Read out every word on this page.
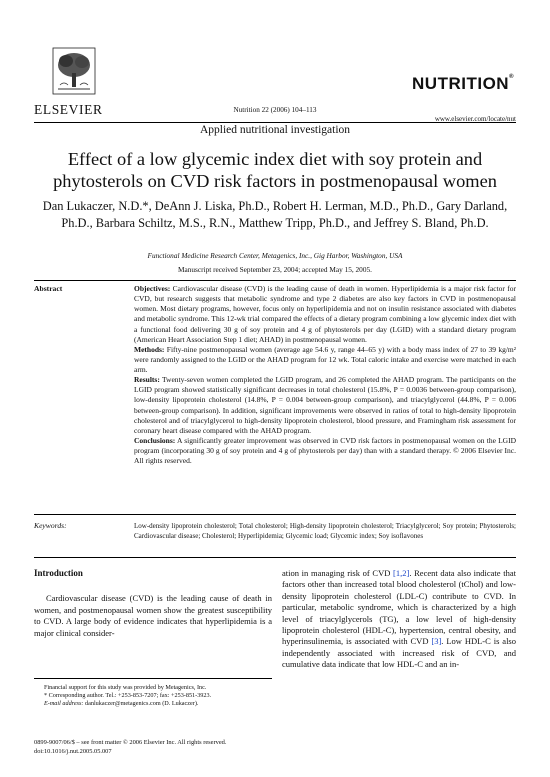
ELSEVIER
NUTRITION®
Nutrition 22 (2006) 104–113
www.elsevier.com/locate/nut
Applied nutritional investigation
Effect of a low glycemic index diet with soy protein and phytosterols on CVD risk factors in postmenopausal women
Dan Lukaczer, N.D.*, DeAnn J. Liska, Ph.D., Robert H. Lerman, M.D., Ph.D., Gary Darland, Ph.D., Barbara Schiltz, M.S., R.N., Matthew Tripp, Ph.D., and Jeffrey S. Bland, Ph.D.
Functional Medicine Research Center, Metagenics, Inc., Gig Harbor, Washington, USA
Manuscript received September 23, 2004; accepted May 15, 2005.
Abstract	Objectives: Cardiovascular disease (CVD) is the leading cause of death in women. Hyperlipidemia is a major risk factor for CVD, but research suggests that metabolic syndrome and type 2 diabetes are also key factors in CVD in postmenopausal women. Most dietary programs, however, focus only on hyperlipidemia and not on insulin resistance associated with diabetes and metabolic syndrome. This 12-wk trial compared the effects of a dietary program combining a low glycemic index diet with a functional food delivering 30 g of soy protein and 4 g of phytosterols per day (LGID) with a standard dietary program (American Heart Association Step 1 diet; AHAD) in postmenopausal women.

Methods: Fifty-nine postmenopausal women (average age 54.6 y, range 44–65 y) with a body mass index of 27 to 39 kg/m² were randomly assigned to the LGID or the AHAD program for 12 wk. Total caloric intake and exercise were matched in each arm.

Results: Twenty-seven women completed the LGID program, and 26 completed the AHAD program. The participants on the LGID program showed statistically significant decreases in total cholesterol (15.8%, P = 0.0036 between-group comparison), low-density lipoprotein cholesterol (14.8%, P = 0.004 between-group comparison), and triacylglycerol (44.8%, P = 0.006 between-group comparison). In addition, significant improvements were observed in ratios of total to high-density lipoprotein cholesterol and of triacylglycerol to high-density lipoprotein cholesterol, blood pressure, and Framingham risk assessment for coronary heart disease compared with the AHAD program.

Conclusions: A significantly greater improvement was observed in CVD risk factors in postmenopausal women on the LGID program (incorporating 30 g of soy protein and 4 g of phytosterols per day) than with a standard therapy. © 2006 Elsevier Inc. All rights reserved.

Keywords:	Low-density lipoprotein cholesterol; Total cholesterol; High-density lipoprotein cholesterol; Triacylglycerol; Soy protein; Phytosterols; Cardiovascular disease; Cholesterol; Hyperlipidemia; Glycemic load; Glycemic index; Soy isoflavones
Introduction

Cardiovascular disease (CVD) is the leading cause of death in women, and postmenopausal women show the greatest susceptibility to CVD. A large body of evidence indicates that hyperlipidemia is a major clinical consider-

ation in managing risk of CVD [1,2]. Recent data also indicate that factors other than increased total blood cholesterol (tChol) and low-density lipoprotein cholesterol (LDL-C) contribute to CVD. In particular, metabolic syndrome, which is characterized by a high level of triacylglycerols (TG), a low level of high-density lipoprotein cholesterol (HDL-C), hypertension, central obesity, and hyperinsulinemia, is associated with CVD [3]. Low HDL-C is also independently associated with increased risk of CVD, and cumulative data indicate that low HDL-C and an in-

Financial support for this study was provided by Metagenics, Inc.

* Corresponding author. Tel.: +253-853-7207; fax: +253-851-3923.

E-mail address: danlukaczer@metagenics.com (D. Lukaczer).

0899-9007/06/$ – see front matter © 2006 Elsevier Inc. All rights reserved.
doi:10.1016/j.nut.2005.05.007
